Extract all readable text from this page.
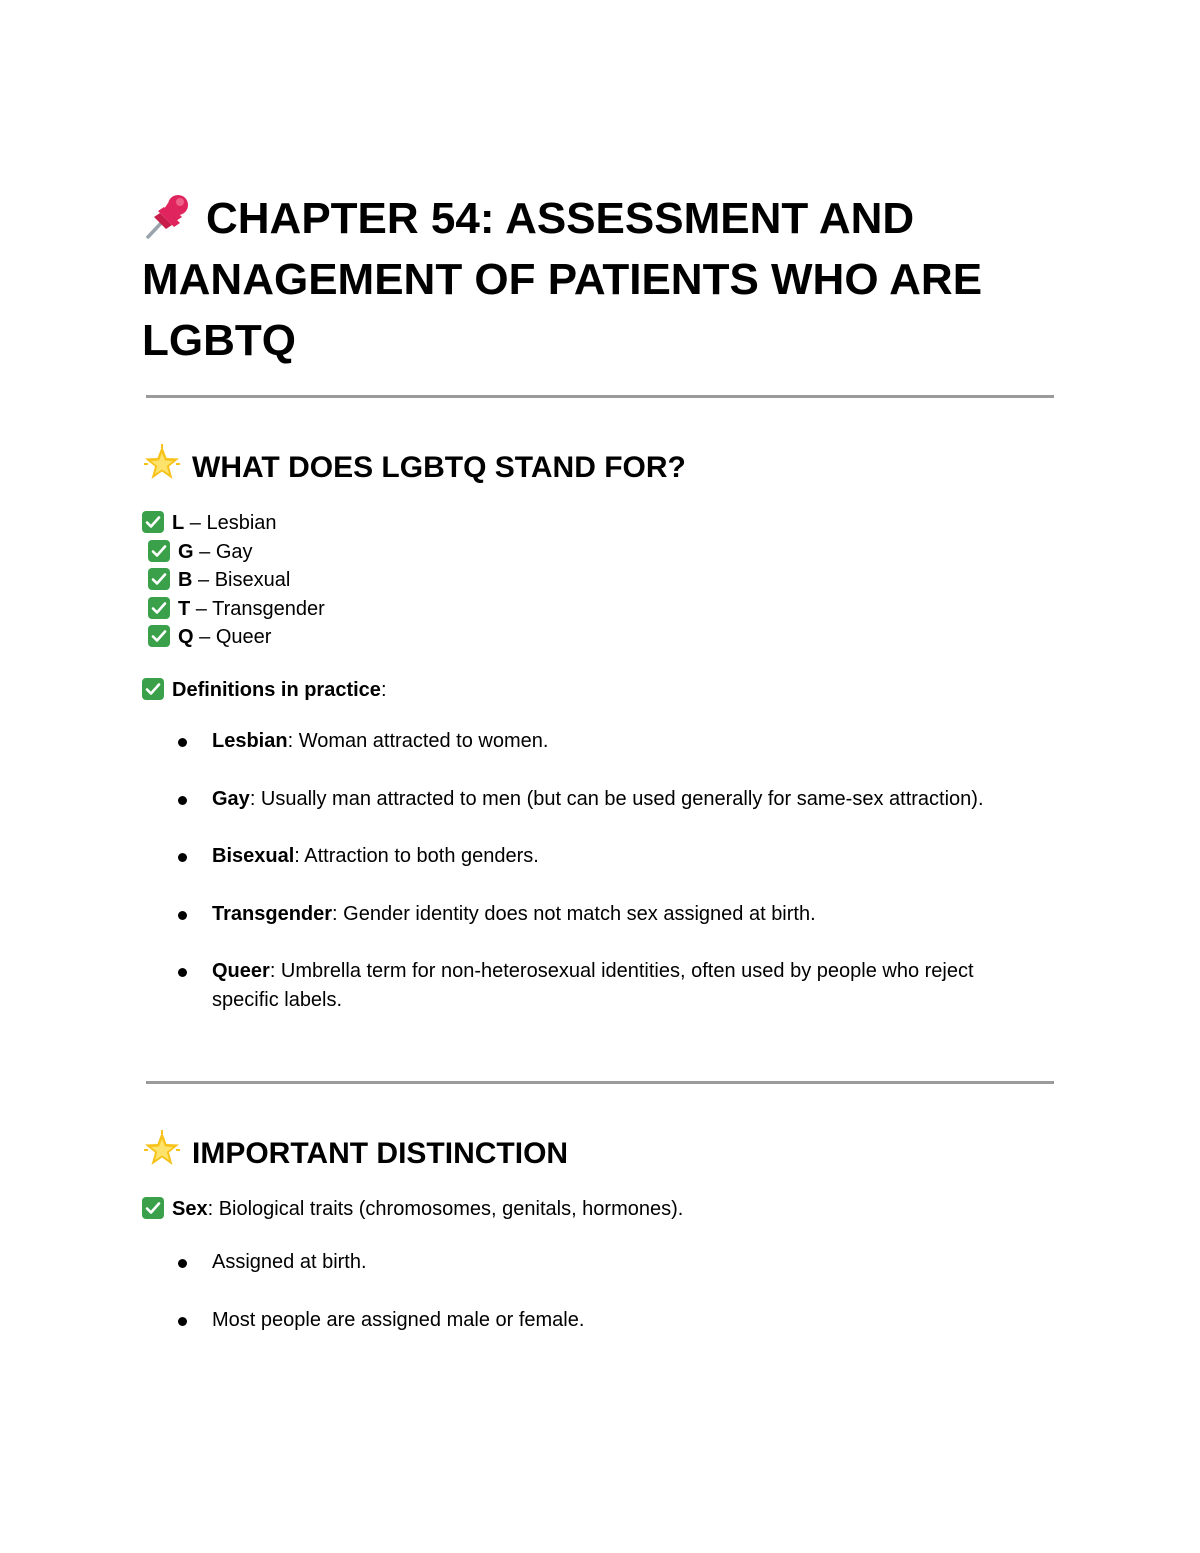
CHAPTER 54: ASSESSMENT AND MANAGEMENT OF PATIENTS WHO ARE LGBTQ
WHAT DOES LGBTQ STAND FOR?
L – Lesbian
G – Gay
B – Bisexual
T – Transgender
Q – Queer
Definitions in practice:
Lesbian: Woman attracted to women.
Gay: Usually man attracted to men (but can be used generally for same-sex attraction).
Bisexual: Attraction to both genders.
Transgender: Gender identity does not match sex assigned at birth.
Queer: Umbrella term for non-heterosexual identities, often used by people who reject specific labels.
IMPORTANT DISTINCTION
Sex: Biological traits (chromosomes, genitals, hormones).
Assigned at birth.
Most people are assigned male or female.
